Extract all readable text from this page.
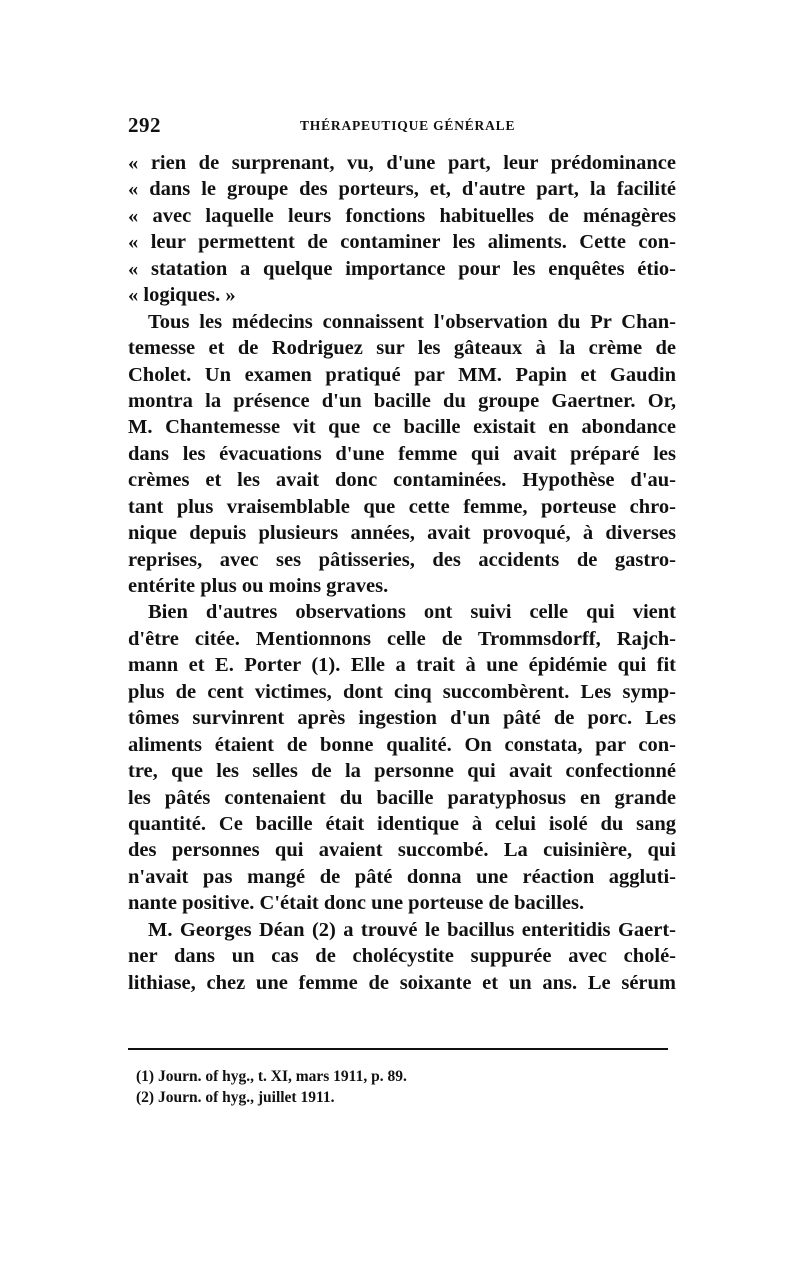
292	THÉRAPEUTIQUE GÉNÉRALE
« rien de surprenant, vu, d'une part, leur prédominance
« dans le groupe des porteurs, et, d'autre part, la facilité
« avec laquelle leurs fonctions habituelles de ménagères
« leur permettent de contaminer les aliments. Cette con-
« statation a quelque importance pour les enquêtes étio-
« logiques. »
Tous les médecins connaissent l'observation du Pr Chan-
temesse et de Rodriguez sur les gâteaux à la crème de
Cholet. Un examen pratiqué par MM. Papin et Gaudin
montra la présence d'un bacille du groupe Gaertner. Or,
M. Chantemesse vit que ce bacille existait en abondance
dans les évacuations d'une femme qui avait préparé les
crèmes et les avait donc contaminées. Hypothèse d'au-
tant plus vraisemblable que cette femme, porteuse chro-
nique depuis plusieurs années, avait provoqué, à diverses
reprises, avec ses pâtisseries, des accidents de gastro-
entérite plus ou moins graves.
Bien d'autres observations ont suivi celle qui vient
d'être citée. Mentionnons celle de Trommsdorff, Rajch-
mann et E. Porter (1). Elle a trait à une épidémie qui fit
plus de cent victimes, dont cinq succombèrent. Les symp-
tômes survinrent après ingestion d'un pâté de porc. Les
aliments étaient de bonne qualité. On constata, par con-
tre, que les selles de la personne qui avait confectionné
les pâtés contenaient du bacille paratyphosus en grande
quantité. Ce bacille était identique à celui isolé du sang
des personnes qui avaient succombé. La cuisinière, qui
n'avait pas mangé de pâté donna une réaction aggluti-
nante positive. C'était donc une porteuse de bacilles.
M. Georges Déan (2) a trouvé le bacillus enteritidis Gaert-
ner dans un cas de cholécystite suppurée avec cholé-
lithiase, chez une femme de soixante et un ans. Le sérum
(1) Journ. of hyg., t. XI, mars 1911, p. 89.
(2) Journ. of hyg., juillet 1911.
